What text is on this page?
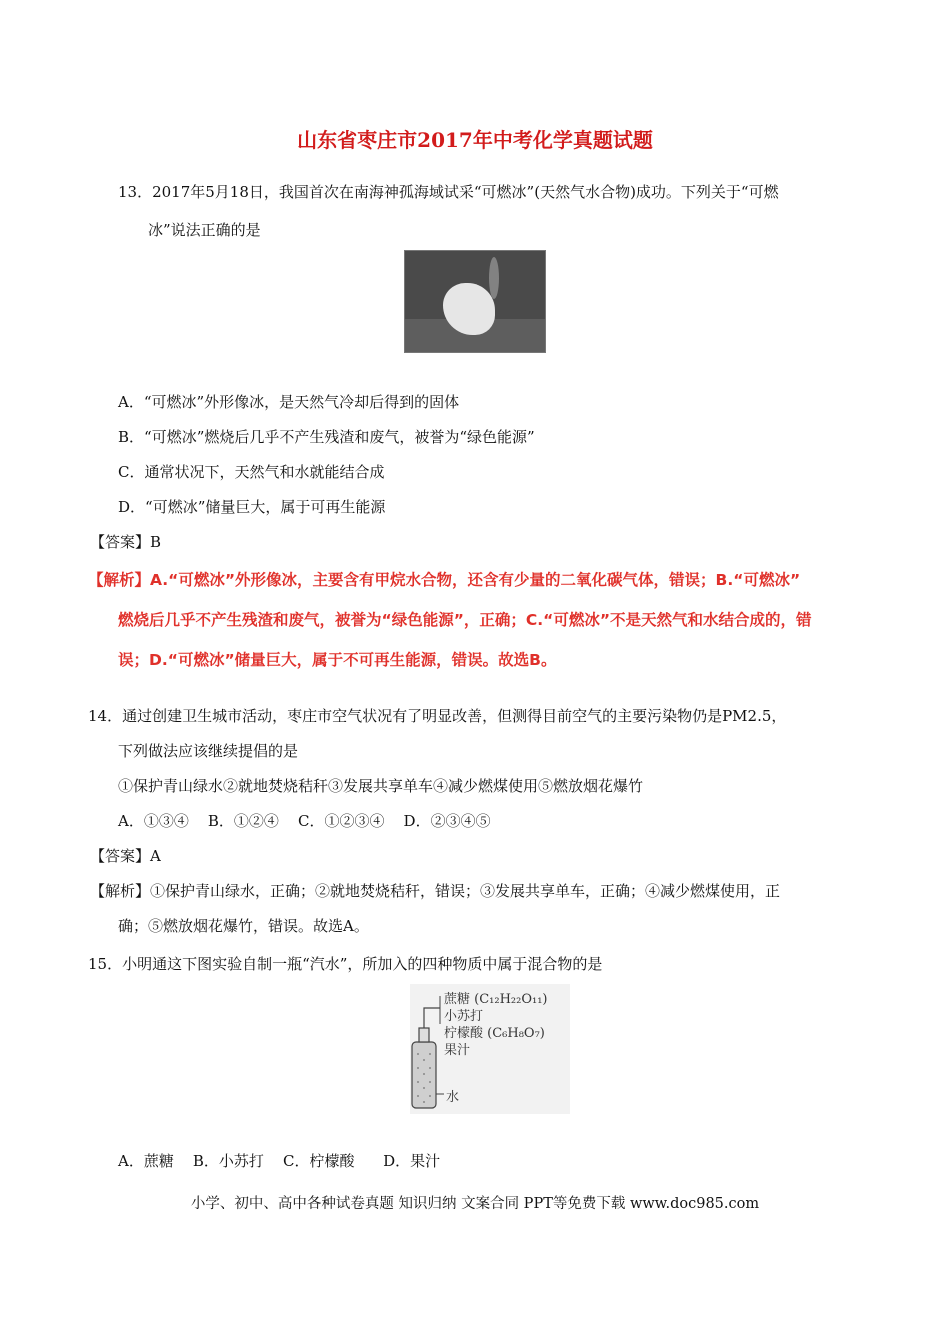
山东省枣庄市2017年中考化学真题试题
13．2017年5月18日，我国首次在南海神孤海域试采“可燃冰”(天然气水合物)成功。下列关于“可燃
冰”说法正确的是
A．“可燃冰”外形像冰，是天然气冷却后得到的固体
B．“可燃冰”燃烧后几乎不产生残渣和废气，被誉为“绿色能源”
C．通常状况下，天然气和水就能结合成
D．“可燃冰”储量巨大，属于可再生能源
【答案】B
【解析】A.“可燃冰”外形像冰，主要含有甲烷水合物，还含有少量的二氧化碳气体，错误；B.“可燃冰”
燃烧后几乎不产生残渣和废气，被誉为“绿色能源”，正确；C.“可燃冰”不是天然气和水结合成的，错
误；D.“可燃冰”储量巨大，属于不可再生能源，错误。故选B。
14．通过创建卫生城市活动，枣庄市空气状况有了明显改善，但测得目前空气的主要污染物仍是PM2.5，
下列做法应该继续提倡的是
①保护青山绿水②就地焚烧秸秆③发展共享单车④减少燃煤使用⑤燃放烟花爆竹
A．①③④    B．①②④    C．①②③④    D．②③④⑤
【答案】A
【解析】①保护青山绿水，正确；②就地焚烧秸秆，错误；③发展共享单车，正确；④减少燃煤使用，正
确；⑤燃放烟花爆竹，错误。故选A。
15．小明通这下图实验自制一瓶“汽水”，所加入的四种物质中属于混合物的是
蔗糖 (C₁₂H₂₂O₁₁)
小苏打
柠檬酸 (C₆H₈O₇)
果汁
水
A．蔗糖    B．小苏打    C．柠檬酸      D．果汁
小学、初中、高中各种试卷真题 知识归纳 文案合同 PPT等免费下载 www.doc985.com
